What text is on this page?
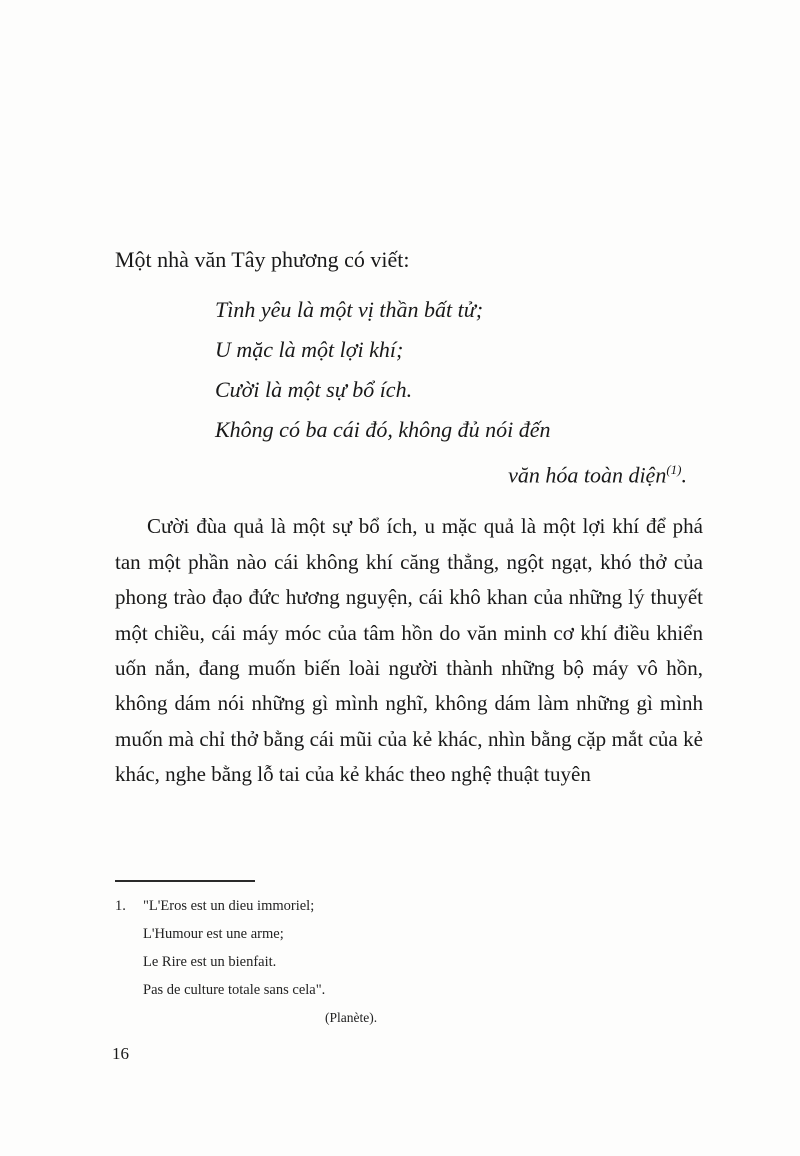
Một nhà văn Tây phương có viết:
Tình yêu là một vị thần bất tử;
U mặc là một lợi khí;
Cười là một sự bổ ích.
Không có ba cái đó, không đủ nói đến
văn hóa toàn diện$^{(1)}$.
Cười đùa quả là một sự bổ ích, u mặc quả là một lợi khí để phá tan một phần nào cái không khí căng thẳng, ngột ngạt, khó thở của phong trào đạo đức hương nguyện, cái khô khan của những lý thuyết một chiều, cái máy móc của tâm hồn do văn minh cơ khí điều khiển uốn nắn, đang muốn biến loài người thành những bộ máy vô hồn, không dám nói những gì mình nghĩ, không dám làm những gì mình muốn mà chỉ thở bằng cái mũi của kẻ khác, nhìn bằng cặp mắt của kẻ khác, nghe bằng lỗ tai của kẻ khác theo nghệ thuật tuyên
1. "L'Eros est un dieu immoriel;
L'Humour est une arme;
Le Rire est un bienfait.
Pas de culture totale sans cela".
(Planète).
16
